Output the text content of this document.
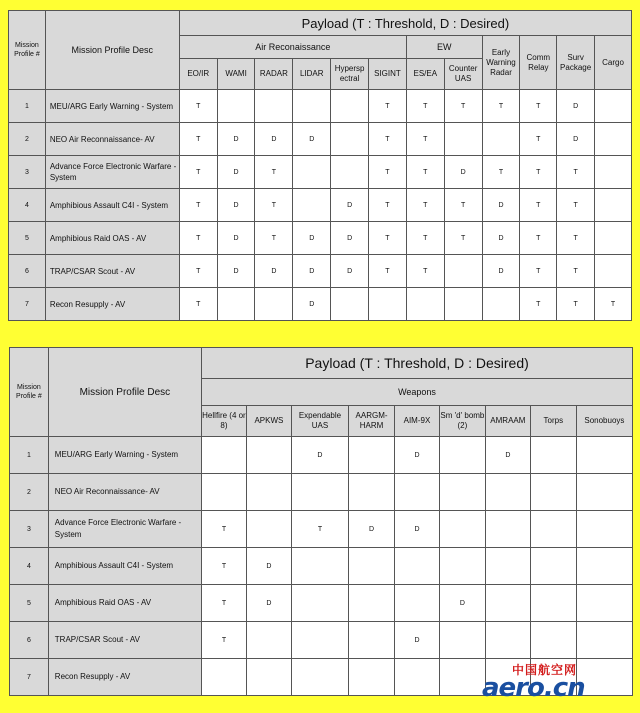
Mission Profile #	Mission Profile Desc	Payload (T : Threshold, D : Desired)											
		Air Reconaissance						EW		Early Warning Radar	Comm Relay	Surv Package	Cargo
		EO/IR	WAMI	RADAR	LIDAR	Hypersp ectral	SIGINT	ES/EA	Counter UAS				
1	MEU/ARG Early Warning - System	T					T	T	T	T	T	D	
2	NEO Air Reconnaissance- AV	T	D	D	D		T	T			T	D	
3	Advance Force Electronic Warfare - System	T	D	T			T	T	D	T	T	T	
4	Amphibious Assault C4I - System	T	D	T		D	T	T	T	D	T	T	
5	Amphibious Raid OAS - AV	T	D	T	D	D	T	T	T	D	T	T	
6	TRAP/CSAR Scout - AV	T	D	D	D	D	T	T		D	T	T	
7	Recon Resupply - AV	T			D						T	T	T
Mission Profile #	Mission Profile Desc	Payload (T : Threshold, D : Desired)								
		Weapons								
		Hellfire (4 or 8)	APKWS	Expendable UAS	AARGM-HARM	AIM-9X	Sm 'd' bomb (2)	AMRAAM	Torps	Sonobuoys
1	MEU/ARG Early Warning - System			D		D		D		
2	NEO Air Reconnaissance- AV									
3	Advance Force Electronic Warfare - System	T		T	D	D				
4	Amphibious Assault C4I - System	T	D							
5	Amphibious Raid OAS - AV	T	D				D			
6	TRAP/CSAR Scout - AV	T				D				
7	Recon Resupply - AV										中国航空网
aero.cn
